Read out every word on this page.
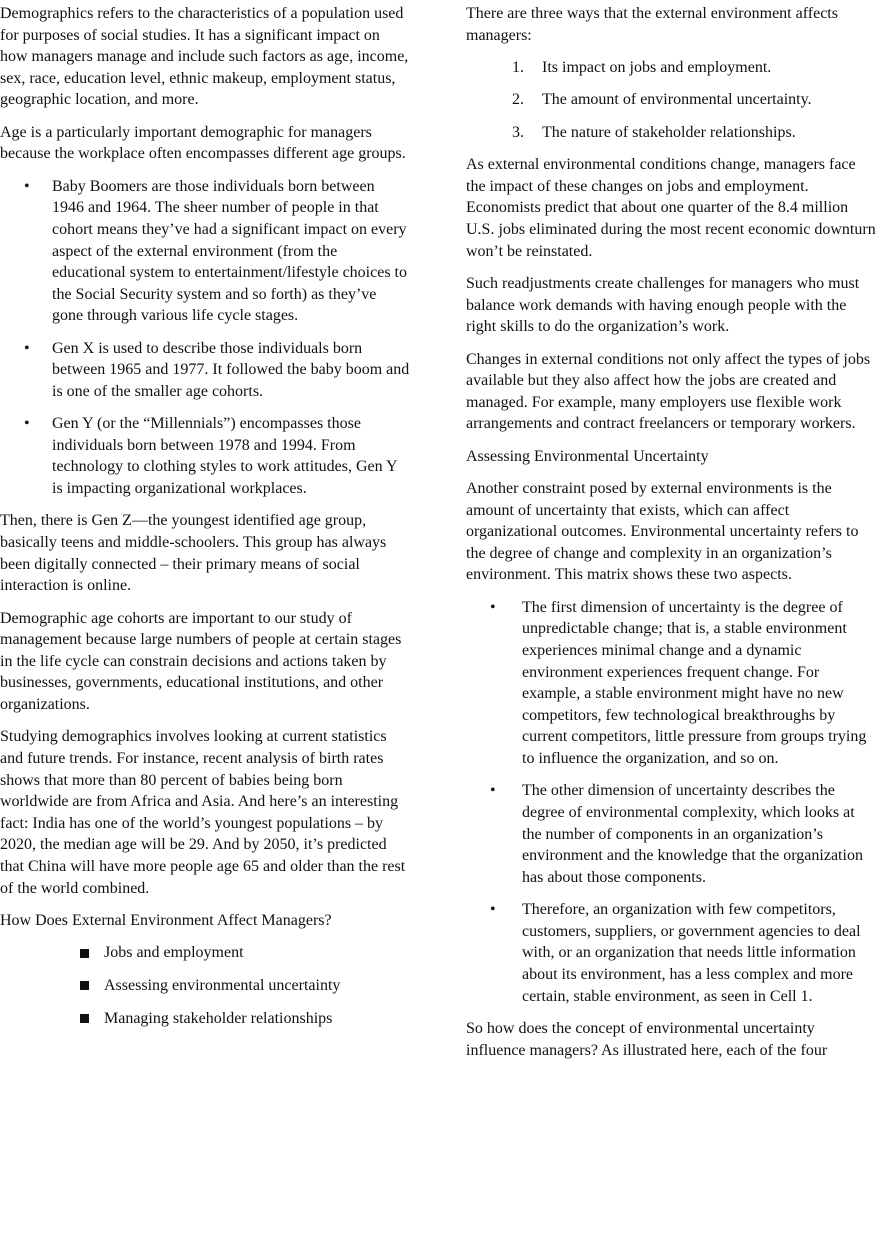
Demographics refers to the characteristics of a population used for purposes of social studies. It has a significant impact on how managers manage and include such factors as age, income, sex, race, education level, ethnic makeup, employment status, geographic location, and more.

Age is a particularly important demographic for managers because the workplace often encompasses different age groups.

•	Baby Boomers are those individuals born between 1946 and 1964. The sheer number of people in that cohort means they’ve had a significant impact on every aspect of the external environment (from the educational system to entertainment/lifestyle choices to the Social Security system and so forth) as they’ve gone through various life cycle stages.
•	Gen X is used to describe those individuals born between 1965 and 1977. It followed the baby boom and is one of the smaller age cohorts.
•	Gen Y (or the “Millennials”) encompasses those individuals born between 1978 and 1994. From technology to clothing styles to work attitudes, Gen Y is impacting organizational workplaces.

Then, there is Gen Z—the youngest identified age group, basically teens and middle-schoolers. This group has always been digitally connected – their primary means of social interaction is online.

Demographic age cohorts are important to our study of management because large numbers of people at certain stages in the life cycle can constrain decisions and actions taken by businesses, governments, educational institutions, and other organizations.

Studying demographics involves looking at current statistics and future trends. For instance, recent analysis of birth rates shows that more than 80 percent of babies being born worldwide are from Africa and Asia. And here’s an interesting fact: India has one of the world’s youngest populations – by 2020, the median age will be 29. And by 2050, it’s predicted that China will have more people age 65 and older than the rest of the world combined.

How Does External Environment Affect Managers?

Jobs and employment
Assessing environmental uncertainty
Managing stakeholder relationships

There are three ways that the external environment affects managers:

1.	Its impact on jobs and employment.
2.	The amount of environmental uncertainty.
3.	The nature of stakeholder relationships.

As external environmental conditions change, managers face the impact of these changes on jobs and employment. Economists predict that about one quarter of the 8.4 million U.S. jobs eliminated during the most recent economic downturn won’t be reinstated.

Such readjustments create challenges for managers who must balance work demands with having enough people with the right skills to do the organization’s work.

Changes in external conditions not only affect the types of jobs available but they also affect how the jobs are created and managed. For example, many employers use flexible work arrangements and contract freelancers or temporary workers.

Assessing Environmental Uncertainty

Another constraint posed by external environments is the amount of uncertainty that exists, which can affect organizational outcomes. Environmental uncertainty refers to the degree of change and complexity in an organization’s environment. This matrix shows these two aspects.

•	The first dimension of uncertainty is the degree of unpredictable change; that is, a stable environment experiences minimal change and a dynamic environment experiences frequent change. For example, a stable environment might have no new competitors, few technological breakthroughs by current competitors, little pressure from groups trying to influence the organization, and so on.
•	The other dimension of uncertainty describes the degree of environmental complexity, which looks at the number of components in an organization’s environment and the knowledge that the organization has about those components.
•	Therefore, an organization with few competitors, customers, suppliers, or government agencies to deal with, or an organization that needs little information about its environment, has a less complex and more certain, stable environment, as seen in Cell 1.

So how does the concept of environmental uncertainty influence managers? As illustrated here, each of the four
